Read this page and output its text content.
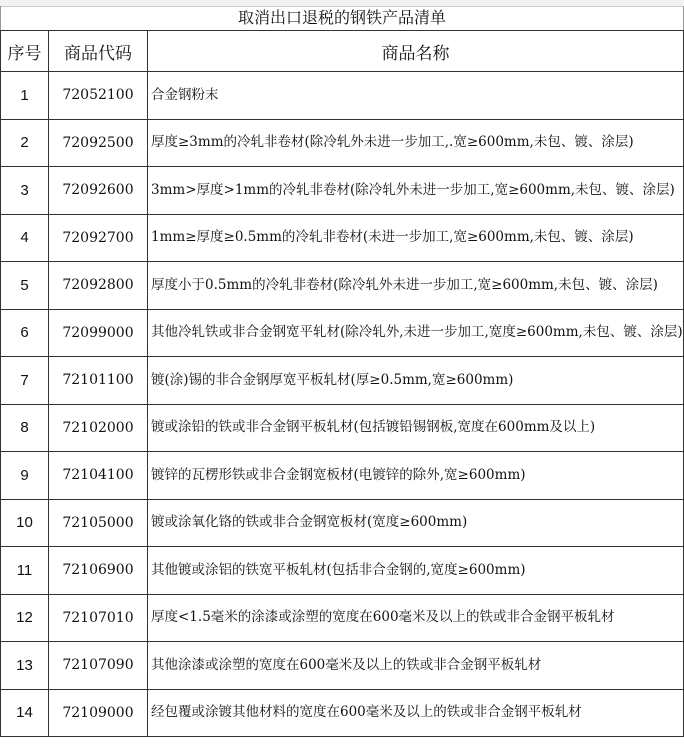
取消出口退税的钢铁产品清单
序号	商品代码	商品名称
1	72052100	合金钢粉末
2	72092500	厚度≥3mm的冷轧非卷材(除冷轧外未进一步加工,.宽≥600mm,未包、镀、涂层)
3	72092600	3mm>厚度>1mm的冷轧非卷材(除冷轧外未进一步加工,宽≥600mm,未包、镀、涂层)
4	72092700	1mm≥厚度≥0.5mm的冷轧非卷材(未进一步加工,宽≥600mm,未包、镀、涂层)
5	72092800	厚度小于0.5mm的冷轧非卷材(除冷轧外未进一步加工,宽≥600mm,未包、镀、涂层)
6	72099000	其他冷轧铁或非合金钢宽平轧材(除冷轧外,未进一步加工,宽度≥600mm,未包、镀、涂层)
7	72101100	镀(涂)锡的非合金钢厚宽平板轧材(厚≥0.5mm,宽≥600mm)
8	72102000	镀或涂铅的铁或非合金钢平板轧材(包括镀铅锡钢板,宽度在600mm及以上)
9	72104100	镀锌的瓦楞形铁或非合金钢宽板材(电镀锌的除外,宽≥600mm)
10	72105000	镀或涂氧化铬的铁或非合金钢宽板材(宽度≥600mm)
11	72106900	其他镀或涂铝的铁宽平板轧材(包括非合金钢的,宽度≥600mm)
12	72107010	厚度<1.5毫米的涂漆或涂塑的宽度在600毫米及以上的铁或非合金钢平板轧材
13	72107090	其他涂漆或涂塑的宽度在600毫米及以上的铁或非合金钢平板轧材
14	72109000	经包覆或涂镀其他材料的宽度在600毫米及以上的铁或非合金钢平板轧材
